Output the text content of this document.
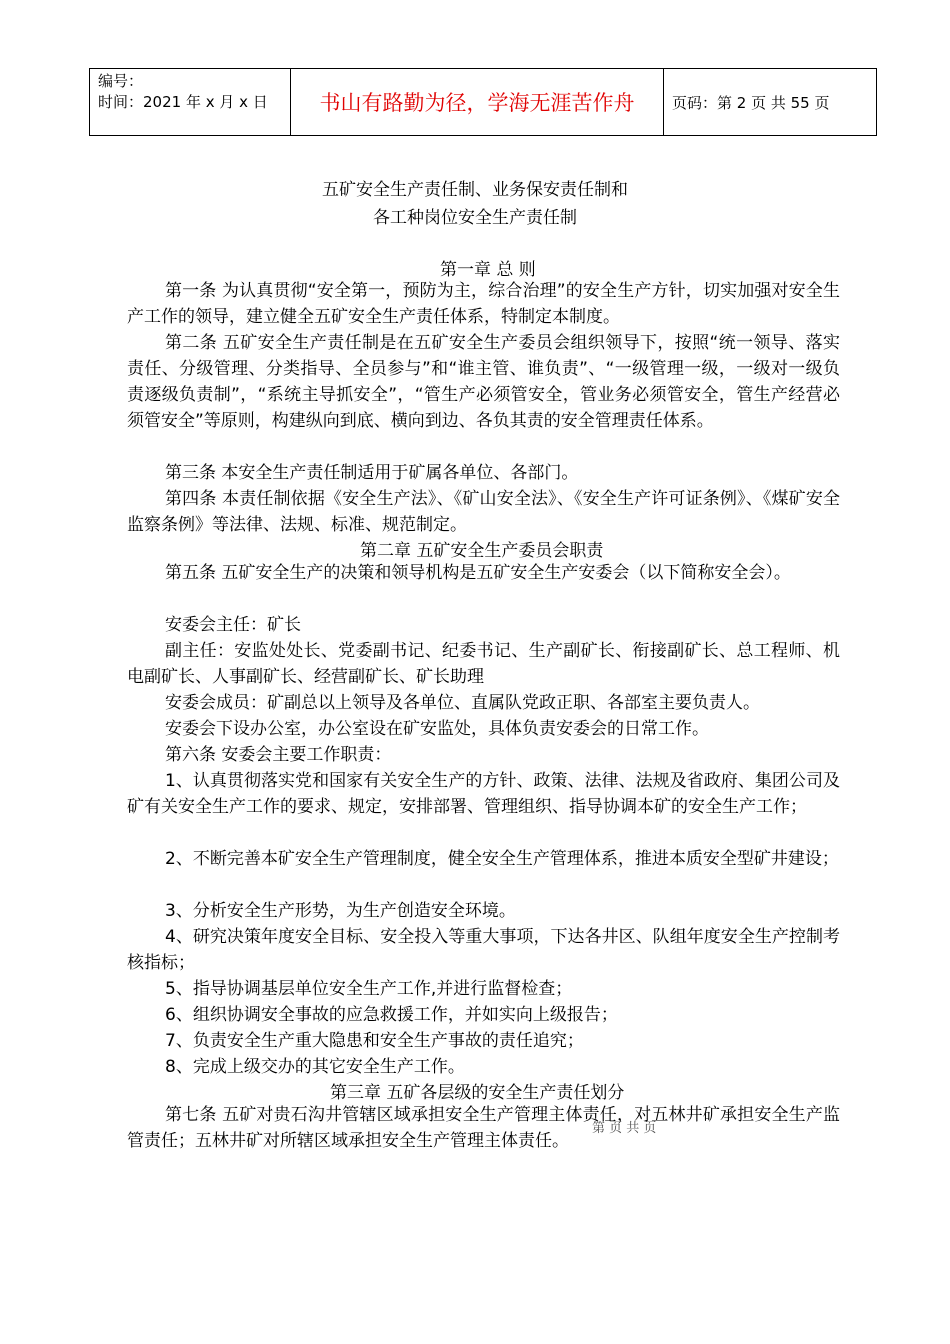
编号：
时间：2021 年 x 月 x 日	书山有路勤为径，学海无涯苦作舟	页码：第 2 页 共 55 页
五矿安全生产责任制、业务保安责任制和
各工种岗位安全生产责任制
第一章 总 则

第一条 为认真贯彻“安全第一，预防为主，综合治理”的安全生产方针，切实加强对安全生产工作的领导，建立健全五矿安全生产责任体系，特制定本制度。

第二条 五矿安全生产责任制是在五矿安全生产委员会组织领导下，按照“统一领导、落实责任、分级管理、分类指导、全员参与”和“谁主管、谁负责”、“一级管理一级，一级对一级负责逐级负责制”，“系统主导抓安全”，“管生产必须管安全，管业务必须管安全，管生产经营必须管安全”等原则，构建纵向到底、横向到边、各负其责的安全管理责任体系。

第三条 本安全生产责任制适用于矿属各单位、各部门。

第四条 本责任制依据《安全生产法》、《矿山安全法》、《安全生产许可证条例》、《煤矿安全监察条例》等法律、法规、标准、规范制定。

第二章 五矿安全生产委员会职责

第五条 五矿安全生产的决策和领导机构是五矿安全生产安委会（以下简称安全会）。

安委会主任：矿长

副主任：安监处处长、党委副书记、纪委书记、生产副矿长、衔接副矿长、总工程师、机电副矿长、人事副矿长、经营副矿长、矿长助理

安委会成员：矿副总以上领导及各单位、直属队党政正职、各部室主要负责人。

安委会下设办公室，办公室设在矿安监处，具体负责安委会的日常工作。

第六条 安委会主要工作职责：

1、认真贯彻落实党和国家有关安全生产的方针、政策、法律、法规及省政府、集团公司及矿有关安全生产工作的要求、规定，安排部署、管理组织、指导协调本矿的安全生产工作；

2、不断完善本矿安全生产管理制度，健全安全生产管理体系，推进本质安全型矿井建设；

3、分析安全生产形势，为生产创造安全环境。

4、研究决策年度安全目标、安全投入等重大事项，下达各井区、队组年度安全生产控制考核指标；

5、指导协调基层单位安全生产工作,并进行监督检查；

6、组织协调安全事故的应急救援工作，并如实向上级报告；

7、负责安全生产重大隐患和安全生产事故的责任追究；

8、完成上级交办的其它安全生产工作。

第三章 五矿各层级的安全生产责任划分

第七条 五矿对贵石沟井管辖区域承担安全生产管理主体责任，对五林井矿承担安全生产监管责任；五林井矿对所辖区域承担安全生产管理主体责任。

第 页 共 页
